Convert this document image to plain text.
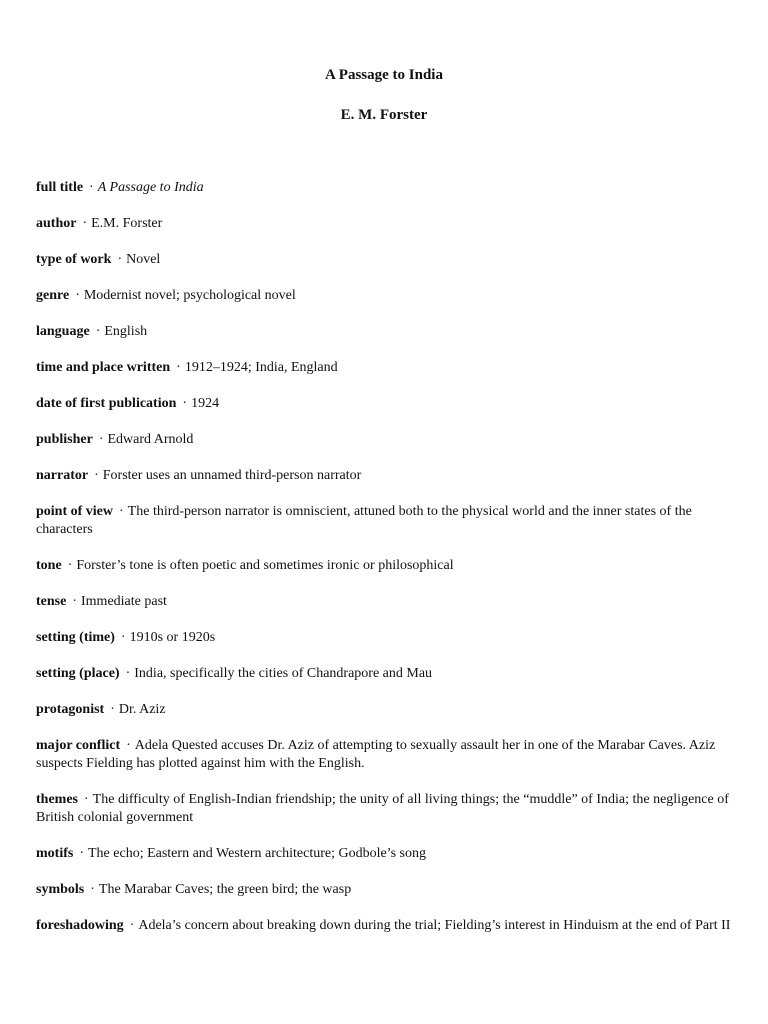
A Passage to India
E. M. Forster

full title · A Passage to India

author · E.M. Forster

type of work · Novel

genre · Modernist novel; psychological novel

language · English

time and place written · 1912–1924; India, England

date of first publication · 1924

publisher · Edward Arnold

narrator · Forster uses an unnamed third-person narrator

point of view · The third-person narrator is omniscient, attuned both to the physical world and the inner states of the characters

tone · Forster’s tone is often poetic and sometimes ironic or philosophical

tense · Immediate past

setting (time) · 1910s or 1920s

setting (place) · India, specifically the cities of Chandrapore and Mau

protagonist · Dr. Aziz

major conflict · Adela Quested accuses Dr. Aziz of attempting to sexually assault her in one of the Marabar Caves. Aziz suspects Fielding has plotted against him with the English.

themes · The difficulty of English-Indian friendship; the unity of all living things; the “muddle” of India; the negligence of British colonial government

motifs · The echo; Eastern and Western architecture; Godbole’s song

symbols · The Marabar Caves; the green bird; the wasp

foreshadowing · Adela’s concern about breaking down during the trial; Fielding’s interest in Hinduism at the end of Part II
